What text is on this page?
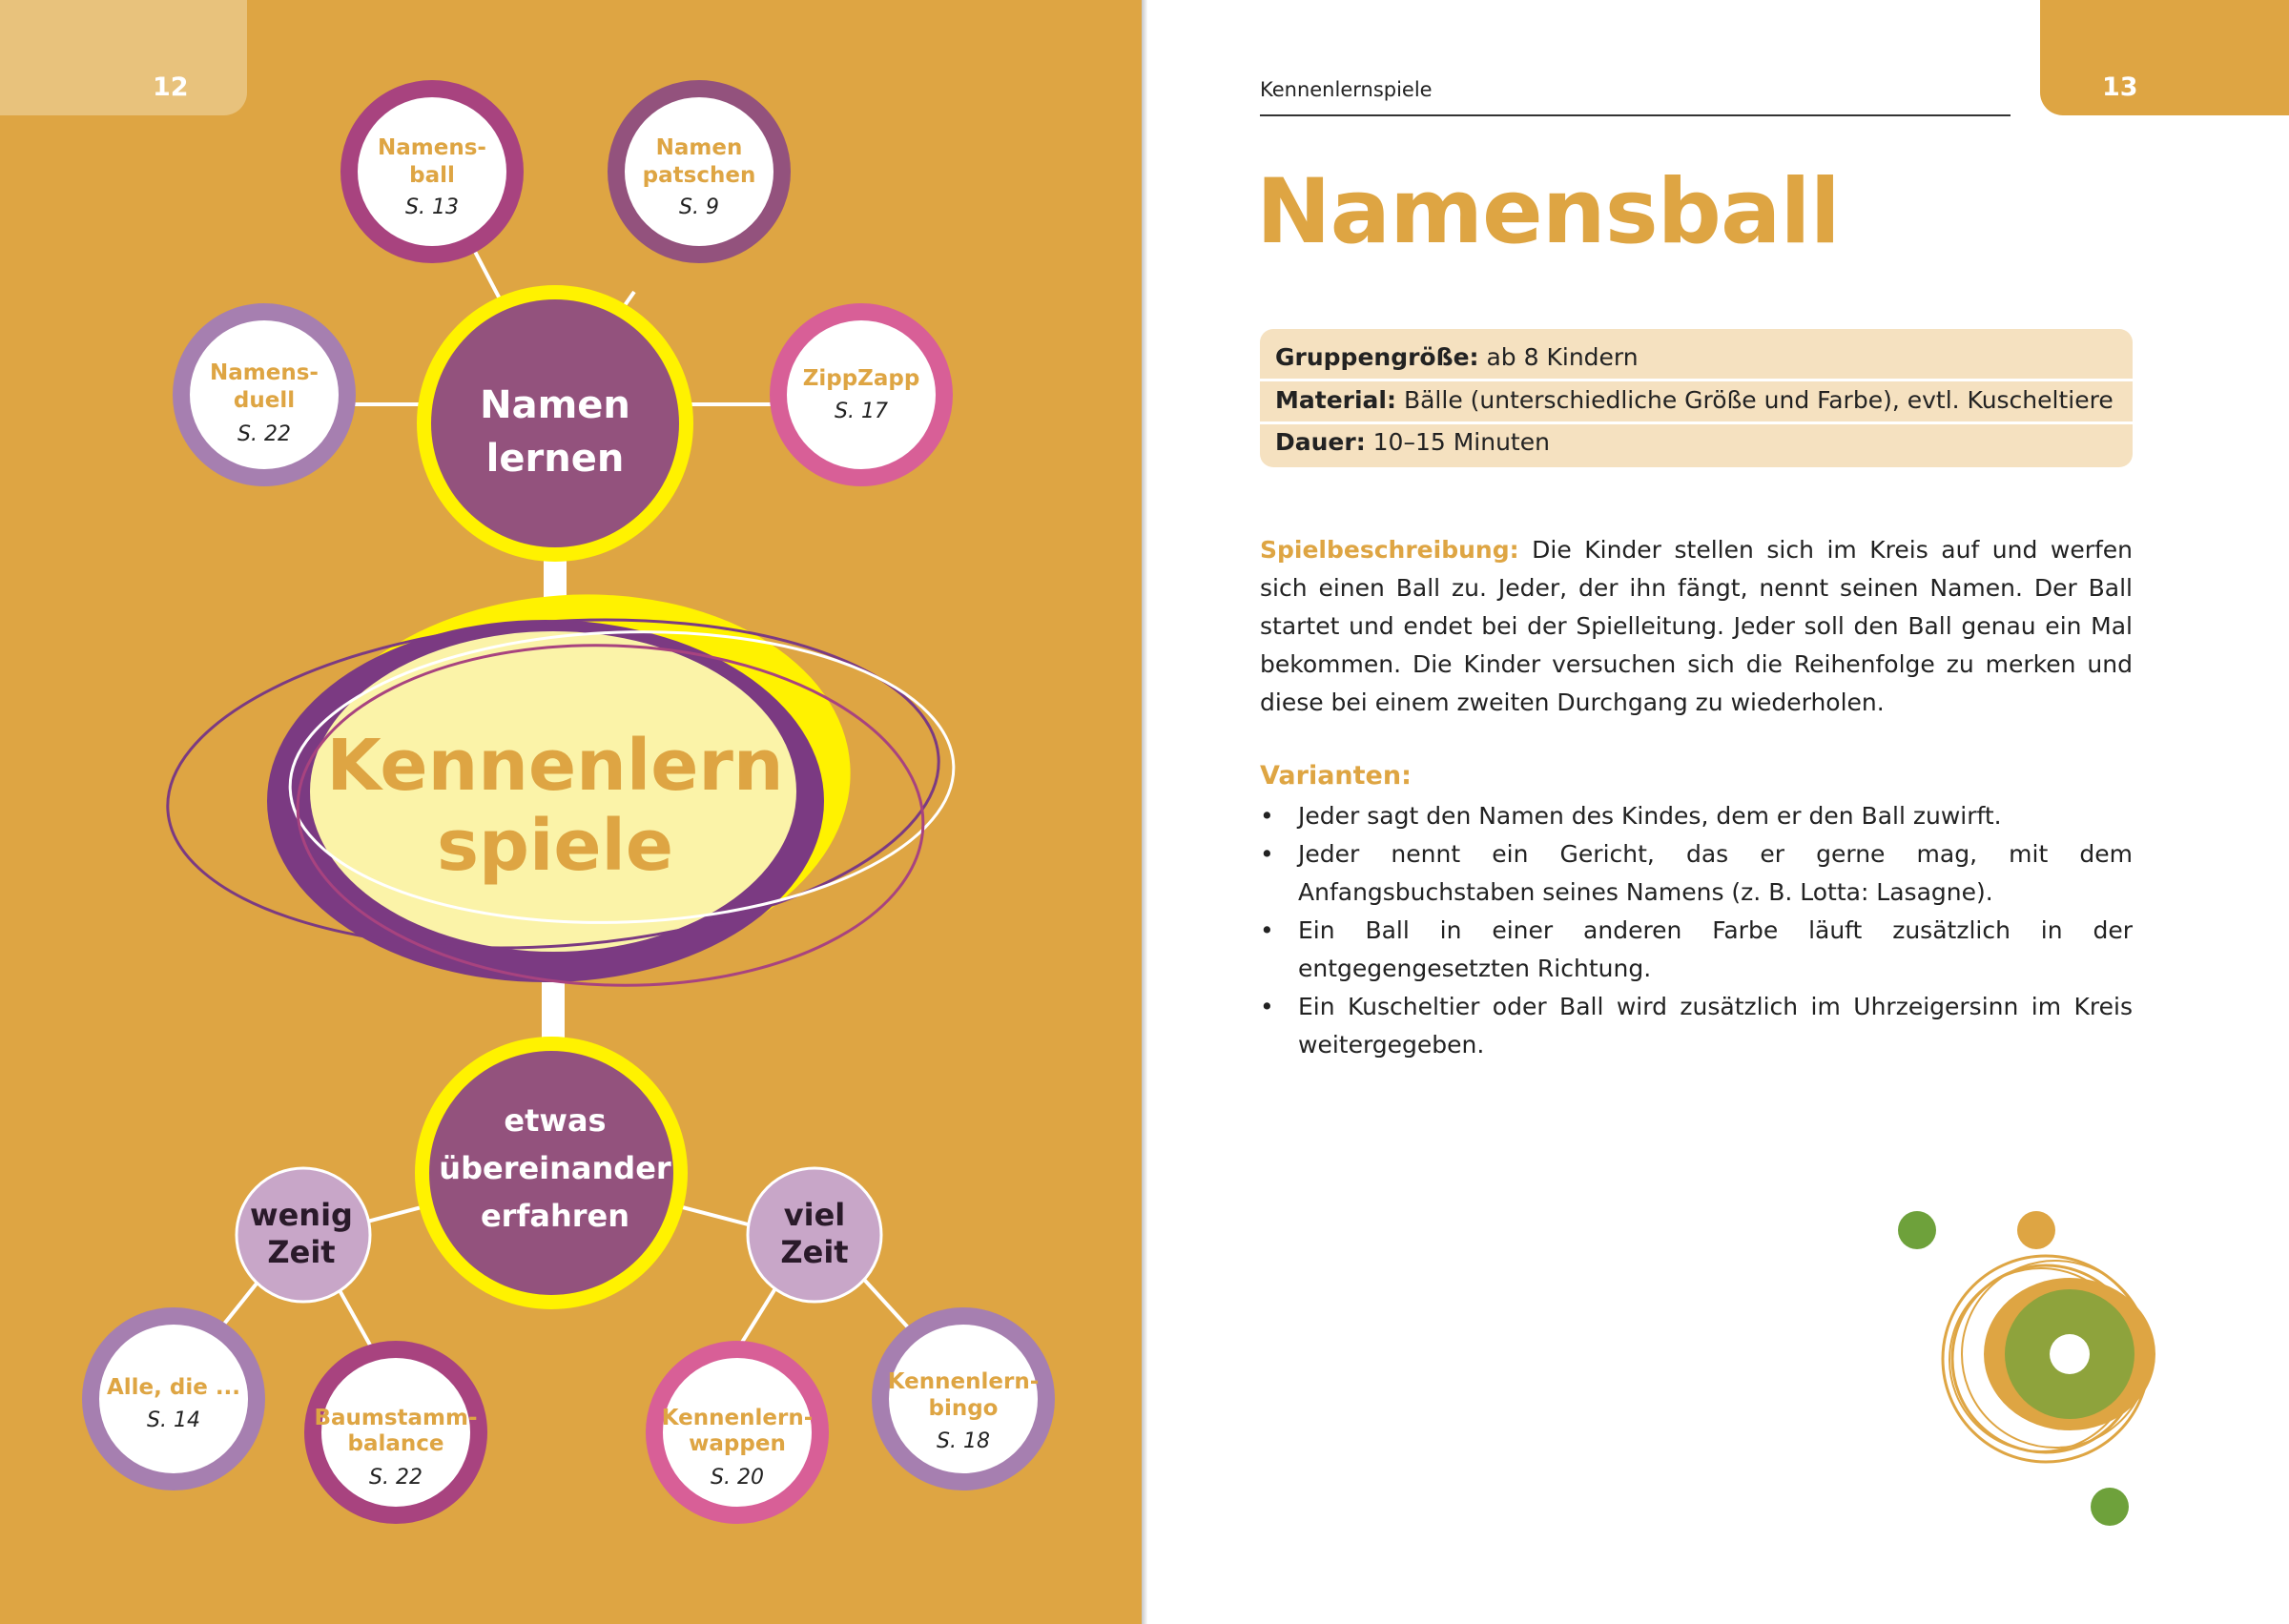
12
Kennenlern
spiele
Namen
lernen
etwas
übereinander
erfahren
wenig
Zeit
viel
Zeit
Namens-
ball
S. 13
Namen
patschen
S. 9
Namens-
duell
S. 22
ZippZapp
S. 17
Alle, die ...
S. 14	Baumstamm-
balance
S. 22
Kennenlern-
wappen
S. 20
Kennenlern-
bingo
S. 18
13
Kennenlernspiele
Namensball
Gruppengröße: ab 8 Kindern
Material: Bälle (unterschiedliche Größe und Farbe), evtl. Kuscheltiere
Dauer: 10–15 Minuten
Spielbeschreibung: Die Kinder stellen sich im Kreis auf und werfen sich einen Ball zu. Jeder, der ihn fängt, nennt seinen Namen. Der Ball startet und endet bei der Spielleitung. Jeder soll den Ball genau ein Mal bekommen. Die Kinder versuchen sich die Reihenfolge zu merken und diese bei einem zweiten Durchgang zu wiederholen.
Varianten:
• Jeder sagt den Namen des Kindes, dem er den Ball zuwirft.
• Jeder nennt ein Gericht, das er gerne mag, mit dem Anfangsbuchstaben seines Namens (z. B. Lotta: Lasagne).
• Ein Ball in einer anderen Farbe läuft zusätzlich in der entgegengesetzten Richtung.
• Ein Kuscheltier oder Ball wird zusätzlich im Uhrzeigersinn im Kreis weitergegeben.
